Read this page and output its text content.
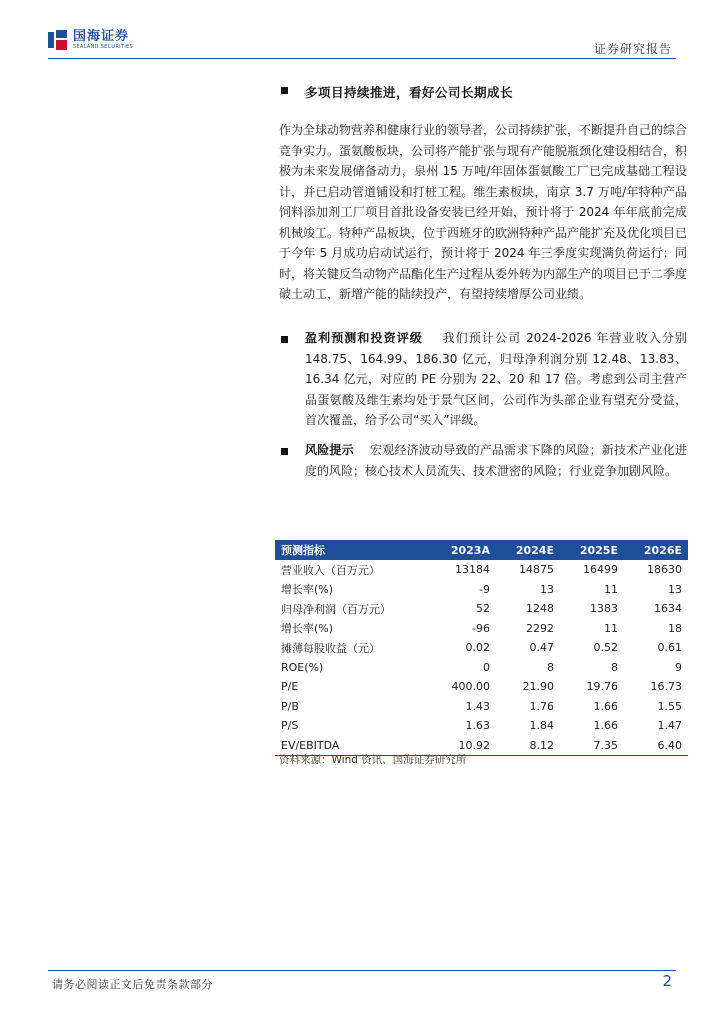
国海证券
SEALAND SECURITIES	证券研究报告
多项目持续推进，看好公司长期成长
作为全球动物营养和健康行业的领导者，公司持续扩张，不断提升自己的综合竞争实力。蛋氨酸板块，公司将产能扩张与现有产能脱瓶颈化建设相结合，积极为未来发展储备动力，泉州 15 万吨/年固体蛋氨酸工厂已完成基础工程设计，并已启动管道铺设和打桩工程。维生素板块，南京 3.7 万吨/年特种产品饲料添加剂工厂项目首批设备安装已经开始，预计将于 2024 年年底前完成机械竣工。特种产品板块，位于西班牙的欧洲特种产品产能扩充及优化项目已于今年 5 月成功启动试运行，预计将于 2024 年三季度实现满负荷运行；同时，将关键反刍动物产品酯化生产过程从委外转为内部生产的项目已于二季度破土动工，新增产能的陆续投产，有望持续增厚公司业绩。
盈利预测和投资评级 我们预计公司 2024-2026 年营业收入分别 148.75、164.99、186.30 亿元，归母净利润分别 12.48、13.83、16.34 亿元，对应的 PE 分别为 22、20 和 17 倍。考虑到公司主营产品蛋氨酸及维生素均处于景气区间，公司作为头部企业有望充分受益，首次覆盖，给予公司“买入”评级。
风险提示 宏观经济波动导致的产品需求下降的风险；新技术产业化进度的风险；核心技术人员流失、技术泄密的风险；行业竞争加剧风险。
预测指标	2023A	2024E	2025E	2026E
营业收入（百万元）	13184	14875	16499	18630
增长率(%)	-9	13	11	13
归母净利润（百万元）	52	1248	1383	1634
增长率(%)	-96	2292	11	18
摊薄每股收益（元）	0.02	0.47	0.52	0.61
ROE(%)	0	8	8	9
P/E	400.00	21.90	19.76	16.73
P/B	1.43	1.76	1.66	1.55
P/S	1.63	1.84	1.66	1.47
EV/EBITDA	10.92	8.12	7.35	6.40
资料来源：Wind 资讯、国海证券研究所
请务必阅读正文后免责条款部分	2
